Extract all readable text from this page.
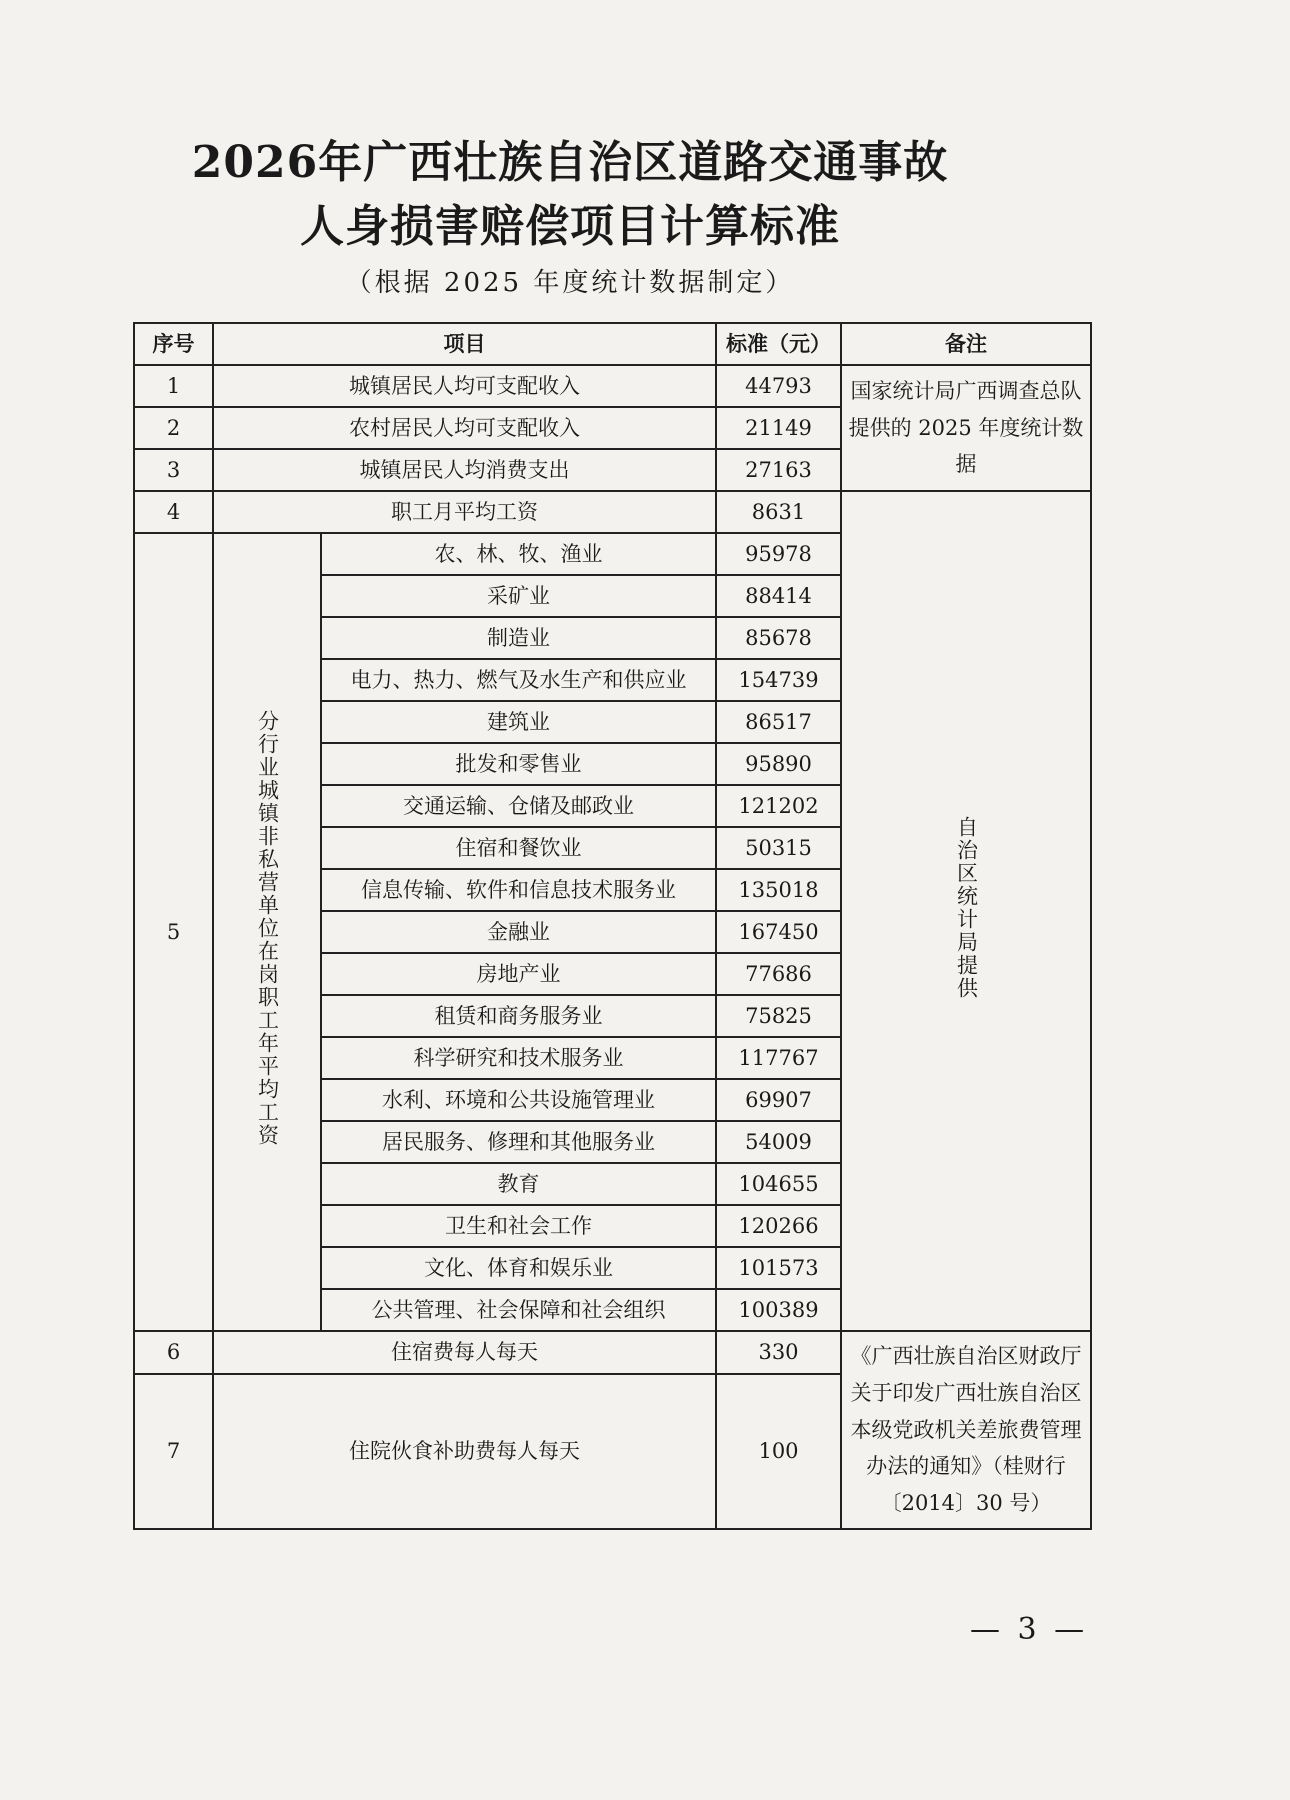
2026年广西壮族自治区道路交通事故
人身损害赔偿项目计算标准

（根据 2025 年度统计数据制定）

序号	项目		标准（元）	备注
1	城镇居民人均可支配收入		44793	国家统计局广西调查总队提供的 2025 年度统计数据
2	农村居民人均可支配收入		21149	
3	城镇居民人均消费支出		27163	
4	职工月平均工资		8631	自治区统计局提供
5	分行业城镇非私营单位在岗职工年平均工资	农、林、牧、渔业	95978	
		采矿业	88414	
		制造业	85678	
		电力、热力、燃气及水生产和供应业	154739	
		建筑业	86517	
		批发和零售业	95890	
		交通运输、仓储及邮政业	121202	
		住宿和餐饮业	50315	
		信息传输、软件和信息技术服务业	135018	
		金融业	167450	
		房地产业	77686	
		租赁和商务服务业	75825	
		科学研究和技术服务业	117767	
		水利、环境和公共设施管理业	69907	
		居民服务、修理和其他服务业	54009	
		教育	104655	
		卫生和社会工作	120266	
		文化、体育和娱乐业	101573	
		公共管理、社会保障和社会组织	100389	
6	住宿费每人每天		330	《广西壮族自治区财政厅关于印发广西壮族自治区本级党政机关差旅费管理办法的通知》（桂财行〔2014〕30 号）
7	住院伙食补助费每人每天		100	
— 3 —
